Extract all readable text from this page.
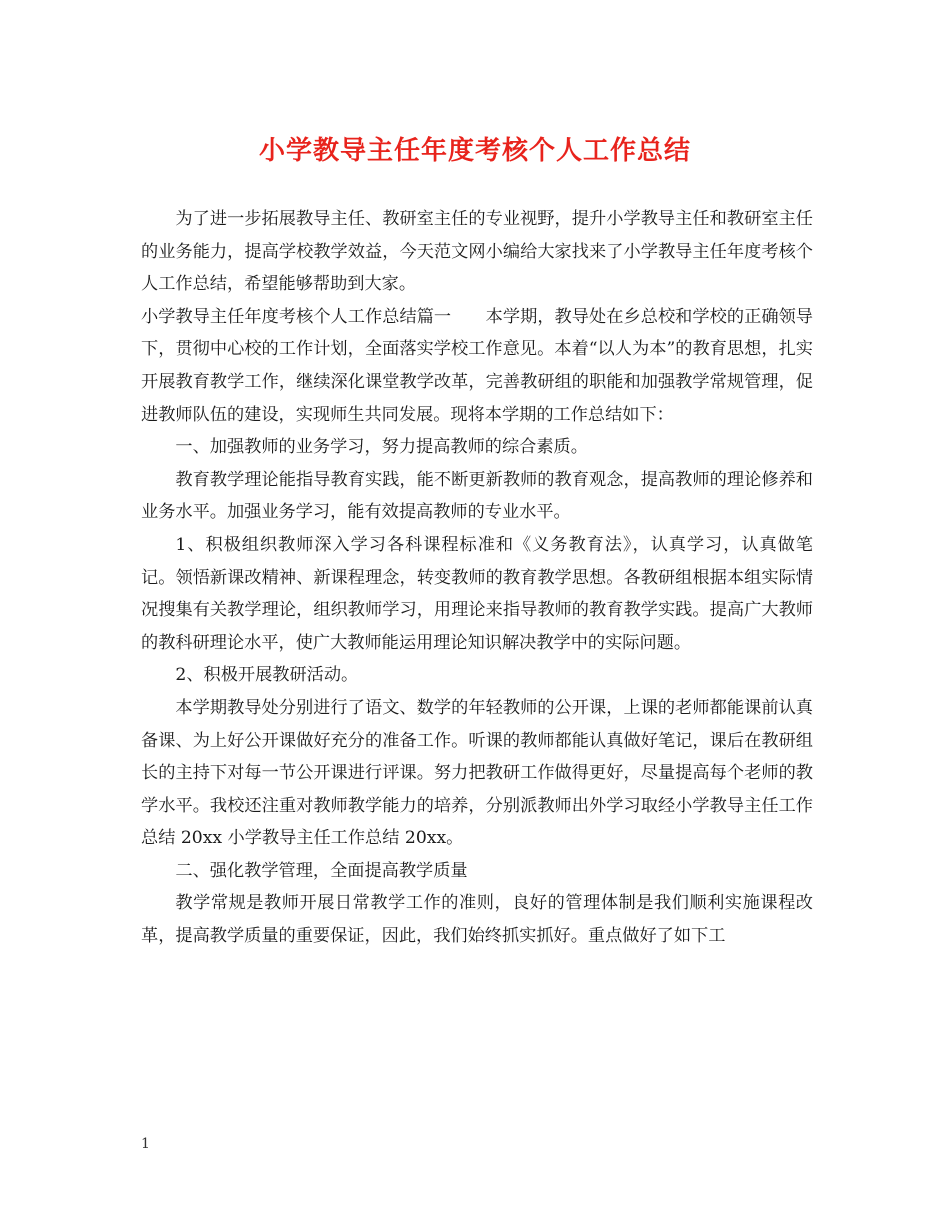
小学教导主任年度考核个人工作总结

为了进一步拓展教导主任、教研室主任的专业视野，提升小学教导主任和教研室主任的业务能力，提高学校教学效益，今天范文网小编给大家找来了小学教导主任年度考核个人工作总结，希望能够帮助到大家。

小学教导主任年度考核个人工作总结篇一　　本学期，教导处在乡总校和学校的正确领导下，贯彻中心校的工作计划，全面落实学校工作意见。本着“以人为本”的教育思想，扎实开展教育教学工作，继续深化课堂教学改革，完善教研组的职能和加强教学常规管理，促进教师队伍的建设，实现师生共同发展。现将本学期的工作总结如下：

一、加强教师的业务学习，努力提高教师的综合素质。

教育教学理论能指导教育实践，能不断更新教师的教育观念，提高教师的理论修养和业务水平。加强业务学习，能有效提高教师的专业水平。

1、积极组织教师深入学习各科课程标准和《义务教育法》，认真学习，认真做笔记。领悟新课改精神、新课程理念，转变教师的教育教学思想。各教研组根据本组实际情况搜集有关教学理论，组织教师学习，用理论来指导教师的教育教学实践。提高广大教师的教科研理论水平，使广大教师能运用理论知识解决教学中的实际问题。

2、积极开展教研活动。

本学期教导处分别进行了语文、数学的年轻教师的公开课，上课的老师都能课前认真备课、为上好公开课做好充分的准备工作。听课的教师都能认真做好笔记，课后在教研组长的主持下对每一节公开课进行评课。努力把教研工作做得更好，尽量提高每个老师的教学水平。我校还注重对教师教学能力的培养，分别派教师出外学习取经小学教导主任工作总结 20xx 小学教导主任工作总结 20xx。

二、强化教学管理，全面提高教学质量

教学常规是教师开展日常教学工作的准则，良好的管理体制是我们顺利实施课程改革，提高教学质量的重要保证，因此，我们始终抓实抓好。重点做好了如下工

1
